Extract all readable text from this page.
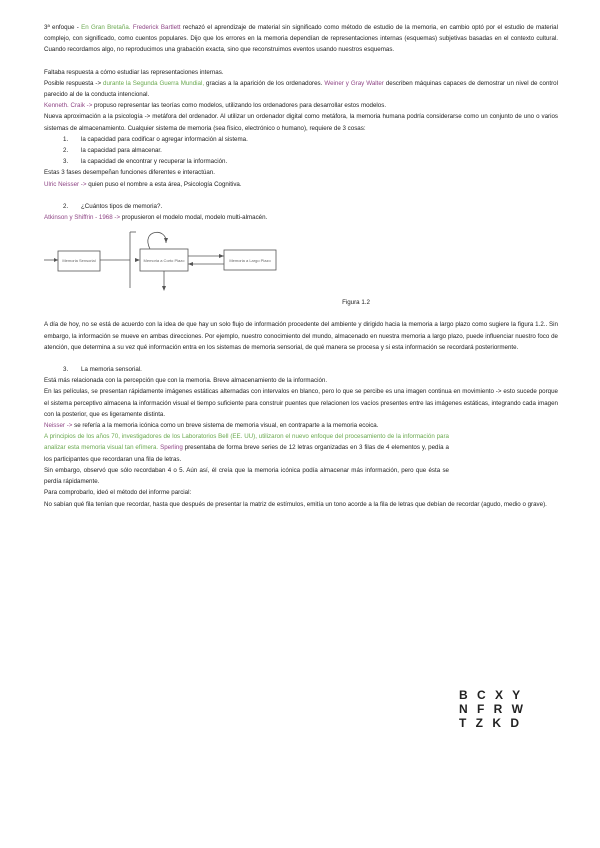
3ª enfoque - En Gran Bretaña. Frederick Bartlett rechazó el aprendizaje de material sin significado como método de estudio de la memoria, en cambio optó por el estudio de material complejo, con significado, como cuentos populares. Dijo que los errores en la memoria dependían de representaciones internas (esquemas) subjetivas basadas en el contexto cultural. Cuando recordamos algo, no reproducimos una grabación exacta, sino que reconstruimos eventos usando nuestros esquemas.

Faltaba respuesta a cómo estudiar las representaciones internas.

Posible respuesta -> durante la Segunda Guerra Mundial, gracias a la aparición de los ordenadores. Weiner y Gray Walter describen máquinas capaces de demostrar un nivel de control parecido al de la conducta intencional.

Kenneth. Craik -> propuso representar las teorías como modelos, utilizando los ordenadores para desarrollar estos modelos.

Nueva aproximación a la psicología -> metáfora del ordenador. Al utilizar un ordenador digital como metáfora, la memoria humana podría considerarse como un conjunto de uno o varios sistemas de almacenamiento. Cualquier sistema de memoria (sea físico, electrónico o humano), requiere de 3 cosas:

1. la capacidad para codificar o agregar información al sistema.
2. la capacidad para almacenar.
3. la capacidad de encontrar y recuperar la información.

Estas 3 fases desempeñan funciones diferentes e interactúan.

Ulric Neisser -> quien puso el nombre a esta área, Psicología Cognitiva.

2. ¿Cuántos tipos de memoria?.

Atkinson y Shiffrin - 1968 -> propusieron el modelo modal, modelo multi-almacén.

Memoria Sensorial	Memoria a Corto Plazo	Memoria a Largo Plazo

Figura 1.2

A día de hoy, no se está de acuerdo con la idea de que hay un solo flujo de información procedente del ambiente y dirigido hacia la memoria a largo plazo como sugiere la figura 1.2.. Sin embargo, la información se mueve en ambas direcciones. Por ejemplo, nuestro conocimiento del mundo, almacenado en nuestra memoria a largo plazo, puede influenciar nuestro foco de atención, que determina a su vez qué información entra en los sistemas de memoria sensorial, de qué manera se procesa y si esta información se recordará posteriormente.

3. La memoria sensorial.

Está más relacionada con la percepción que con la memoria. Breve almacenamiento de la información.

En las películas, se presentan rápidamente imágenes estáticas alternadas con intervalos en blanco, pero lo que se percibe es una imagen continua en movimiento -> esto sucede porque el sistema perceptivo almacena la información visual el tiempo suficiente para construir puentes que relacionen los vacíos presentes entre las imágenes estáticas, integrando cada imagen con la posterior, que es ligeramente distinta.

Neisser -> se refería a la memoria icónica como un breve sistema de memoria visual, en contraparte a la memoria ecoica.

A principios de los años 70, investigadores de los Laboratorios Bell (EE. UU), utilizaron el nuevo enfoque del procesamiento de la información para analizar esta memoria visual tan efímera. Sperling presentaba de forma breve series de 12 letras organizadas en 3 filas de 4 elementos y, pedía a los participantes que recordaran una fila de letras.

Sin embargo, observó que sólo recordaban 4 o 5. Aún así, él creía que la memoria icónica podía almacenar más información, pero que ésta se perdía rápidamente.

Para comprobarlo, ideó el método del informe parcial:

No sabían qué fila tenían que recordar, hasta que después de presentar la matriz de estímulos, emitía un tono acorde a la fila de letras que debían de recordar (agudo, medio o grave).

B C X Y
N F R W
T Z K D
